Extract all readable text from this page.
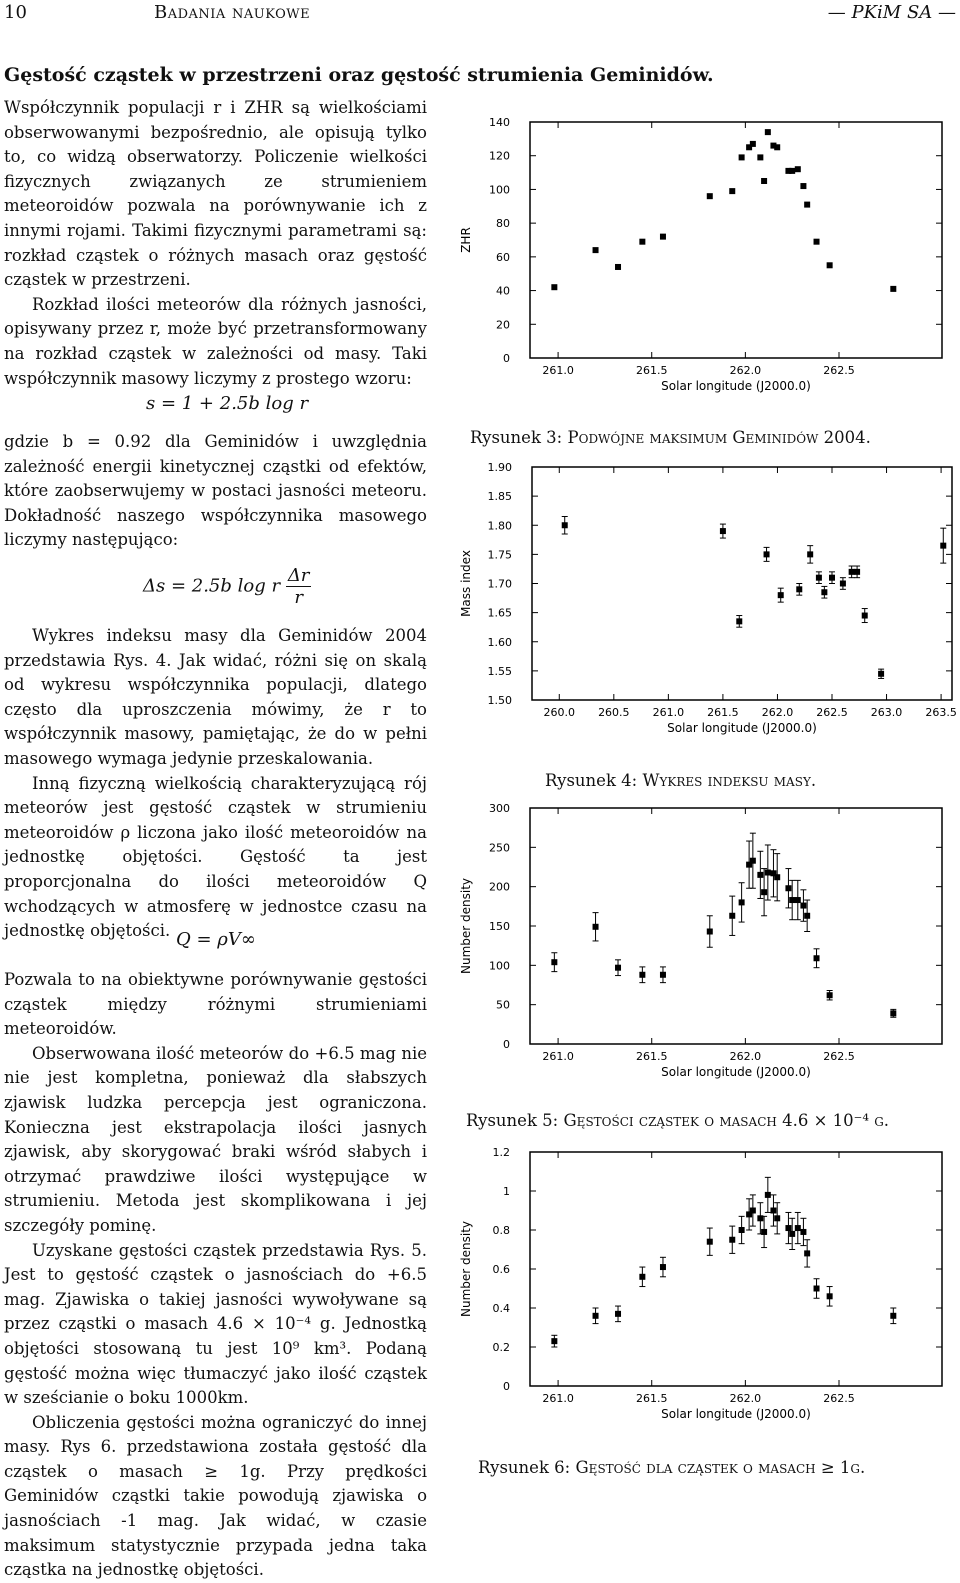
10	Badania naukowe	— PKiM SA —
Gęstość cząstek w przestrzeni oraz gęstość strumienia Geminidów.

Współczynnik populacji r i ZHR są wielkościami obserwowanymi bezpośrednio, ale opisują tylko to, co widzą obserwatorzy. Policzenie wielkości fizycznych związanych ze strumieniem meteoroidów pozwala na porównywanie ich z innymi rojami. Takimi fizycznymi parametrami są: rozkład cząstek o różnych masach oraz gęstość cząstek w przestrzeni.

Rozkład ilości meteorów dla różnych jasności, opisywany przez r, może być przetransformowany na rozkład cząstek w zależności od masy. Taki współczynnik masowy liczymy z prostego wzoru:

s = 1 + 2.5b log r

gdzie b = 0.92 dla Geminidów i uwzględnia zależność energii kinetycznej cząstki od efektów, które zaobserwujemy w postaci jasności meteoru. Dokładność naszego współczynnika masowego liczymy następująco:

Δs = 2.5b log r $\frac{\Delta r}{r}$

Wykres indeksu masy dla Geminidów 2004 przedstawia Rys. 4. Jak widać, różni się on skalą od wykresu współczynnika populacji, dlatego często dla uproszczenia mówimy, że r to współczynnik masowy, pamiętając, że do w pełni masowego wymaga jedynie przeskalowania.

Inną fizyczną wielkością charakteryzującą rój meteorów jest gęstość cząstek w strumieniu meteoroidów ρ liczona jako ilość meteoroidów na jednostkę objętości. Gęstość ta jest proporcjonalna do ilości meteoroidów Q wchodzących w atmosferę w jednostce czasu na jednostkę objętości. Q = ρV∞

Pozwala to na obiektywne porównywanie gęstości cząstek między różnymi strumieniami meteoroidów.

Obserwowana ilość meteorów do +6.5 mag nie nie jest kompletna, ponieważ dla słabszych zjawisk ludzka percepcja jest ograniczona. Konieczna jest ekstrapolacja ilości jasnych zjawisk, aby skorygować braki wśród słabych i otrzymać prawdziwe ilości występujące w strumieniu. Metoda jest skomplikowana i jej szczegóły pominę.

Uzyskane gęstości cząstek przedstawia Rys. 5. Jest to gęstość cząstek o jasnościach do +6.5 mag. Zjawiska o takiej jasności wywoływane są przez cząstki o masach 4.6 × 10⁻⁴ g. Jednostką objętości stosowaną tu jest 10⁹ km³. Podaną gęstość można więc tłumaczyć jako ilość cząstek w sześcianie o boku 1000km.

Obliczenia gęstości można ograniczyć do innej masy. Rys 6. przedstawiona została gęstość dla cząstek o masach ≥ 1g. Przy prędkości Geminidów cząstki takie powodują zjawiska o jasnościach -1 mag. Jak widać, w czasie maksimum statystycznie przypada jedna taka cząstka na jednostkę objętości.

0
20
40
60
80
100
120
140
261.0	261.5	262.0	262.5
Solar longitude (J2000.0)
ZHR
Rysunek 3: Podwójne maksimum Geminidów 2004.
1.50
1.55
1.60
1.65
1.70
1.75
1.80
1.85
1.90
260.0 260.5 261.0 261.5 262.0 262.5 263.0 263.5
Solar longitude (J2000.0)
Mass index
Rysunek 4: Wykres indeksu masy.
0
50
100
150
200
250
300
261.0	261.5	262.0	262.5
Solar longitude (J2000.0)
Number density
Rysunek 5: Gęstości cząstek o masach 4.6 × 10⁻⁴ g.
0
0.2
0.4
0.6
0.8
1
1.2
261.0	261.5	262.0	262.5
Solar longitude (J2000.0)
Number density
Rysunek 6: Gęstość dla cząstek o masach ≥ 1g.
